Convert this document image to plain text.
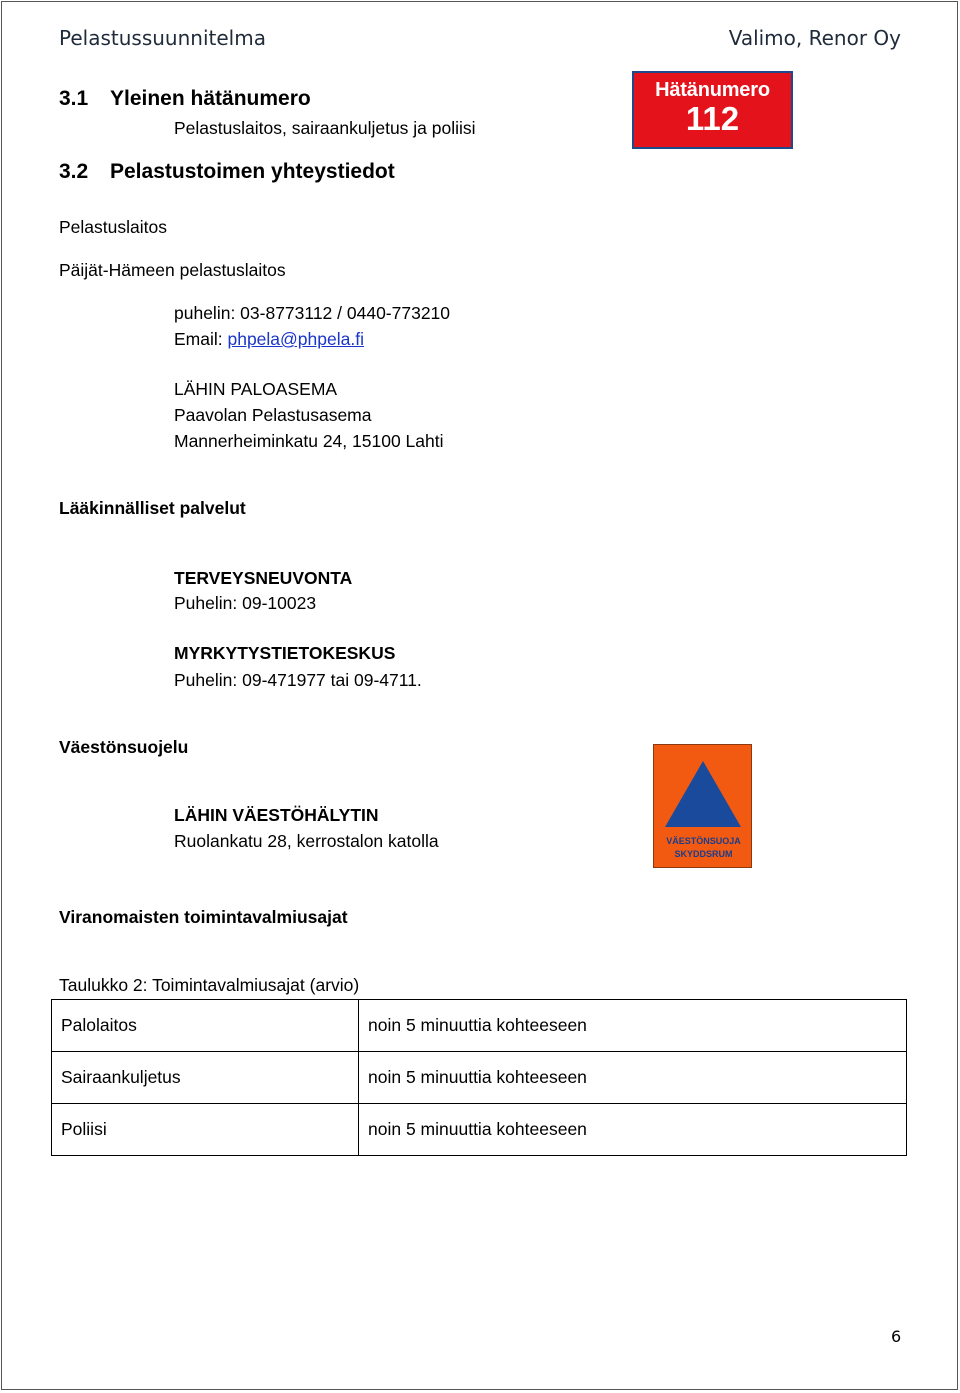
Pelastussuunnitelma	Valimo, Renor Oy
3.1 Yleinen hätänumero
Pelastuslaitos, sairaankuljetus ja poliisi
Hätänumero
112
3.2 Pelastustoimen yhteystiedot
Pelastuslaitos
Päijät-Hämeen pelastuslaitos
puhelin: 03-8773112 / 0440-773210
Email: phpela@phpela.fi
LÄHIN PALOASEMA
Paavolan Pelastusasema
Mannerheiminkatu 24, 15100 Lahti
Lääkinnälliset palvelut
TERVEYSNEUVONTA
Puhelin: 09-10023
MYRKYTYSTIETOKESKUS
Puhelin: 09-471977 tai 09-4711.
Väestönsuojelu
LÄHIN VÄESTÖHÄLYTIN
Ruolankatu 28, kerrostalon katolla	VÄESTÖNSUOJA
SKYDDSRUM
Viranomaisten toimintavalmiusajat
Taulukko 2: Toimintavalmiusajat (arvio)
Palolaitos	noin 5 minuuttia kohteeseen
Sairaankuljetus	noin 5 minuuttia kohteeseen
Poliisi	noin 5 minuuttia kohteeseen
6
